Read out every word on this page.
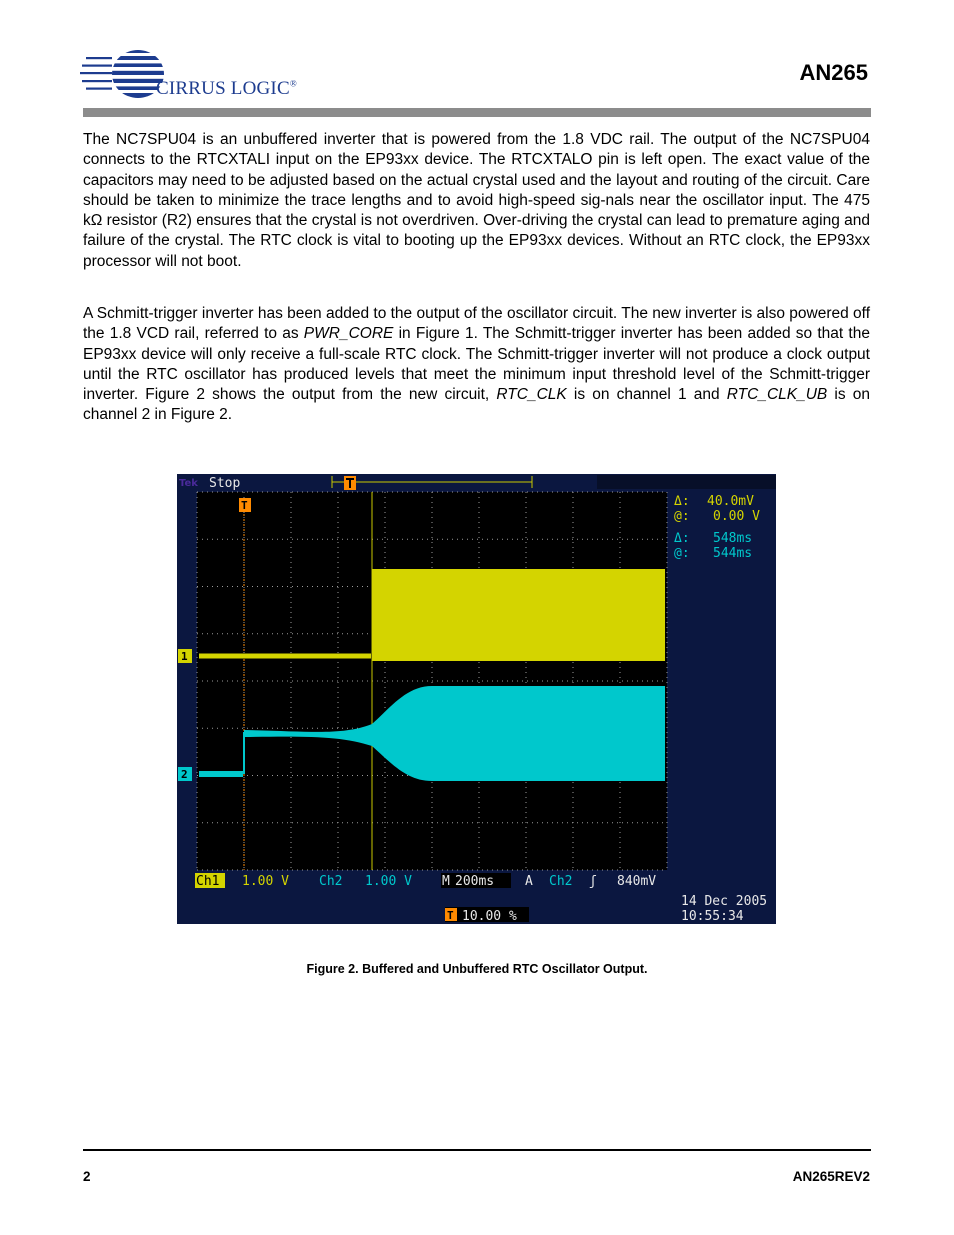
CIRRUS LOGIC®	AN265

The NC7SPU04 is an unbuffered inverter that is powered from the 1.8 VDC rail. The output of the NC7SPU04 connects to the RTCXTALI input on the EP93xx device. The RTCXTALO pin is left open. The exact value of the capacitors may need to be adjusted based on the actual crystal used and the layout and routing of the circuit. Care should be taken to minimize the trace lengths and to avoid high-speed sig-nals near the oscillator input. The 475 kΩ resistor (R2) ensures that the crystal is not overdriven. Over-driving the crystal can lead to premature aging and failure of the crystal. The RTC clock is vital to booting up the EP93xx devices. Without an RTC clock, the EP93xx processor will not boot.

A Schmitt-trigger inverter has been added to the output of the oscillator circuit. The new inverter is also powered off the 1.8 VCD rail, referred to as PWR_CORE in Figure 1. The Schmitt-trigger inverter has been added so that the EP93xx device will only receive a full-scale RTC clock. The Schmitt-trigger inverter will not produce a clock output until the RTC oscillator has produced levels that meet the minimum input threshold level of the Schmitt-trigger inverter. Figure 2 shows the output from the new circuit, RTC_CLK is on channel 1 and RTC_CLK_UB is on channel 2 in Figure 2.

Tek Stop
T
1
2
Δ: 40.0mV
@: 0.00 V
Δ: 548ms
@: 544ms
Ch1 1.00 V Ch2 1.00 V M 200ms A Ch2 ʃ 840mV
T 10.00 %
14 Dec 2005
10:55:34
Figure 2. Buffered and Unbuffered RTC Oscillator Output.
2	AN265REV2
